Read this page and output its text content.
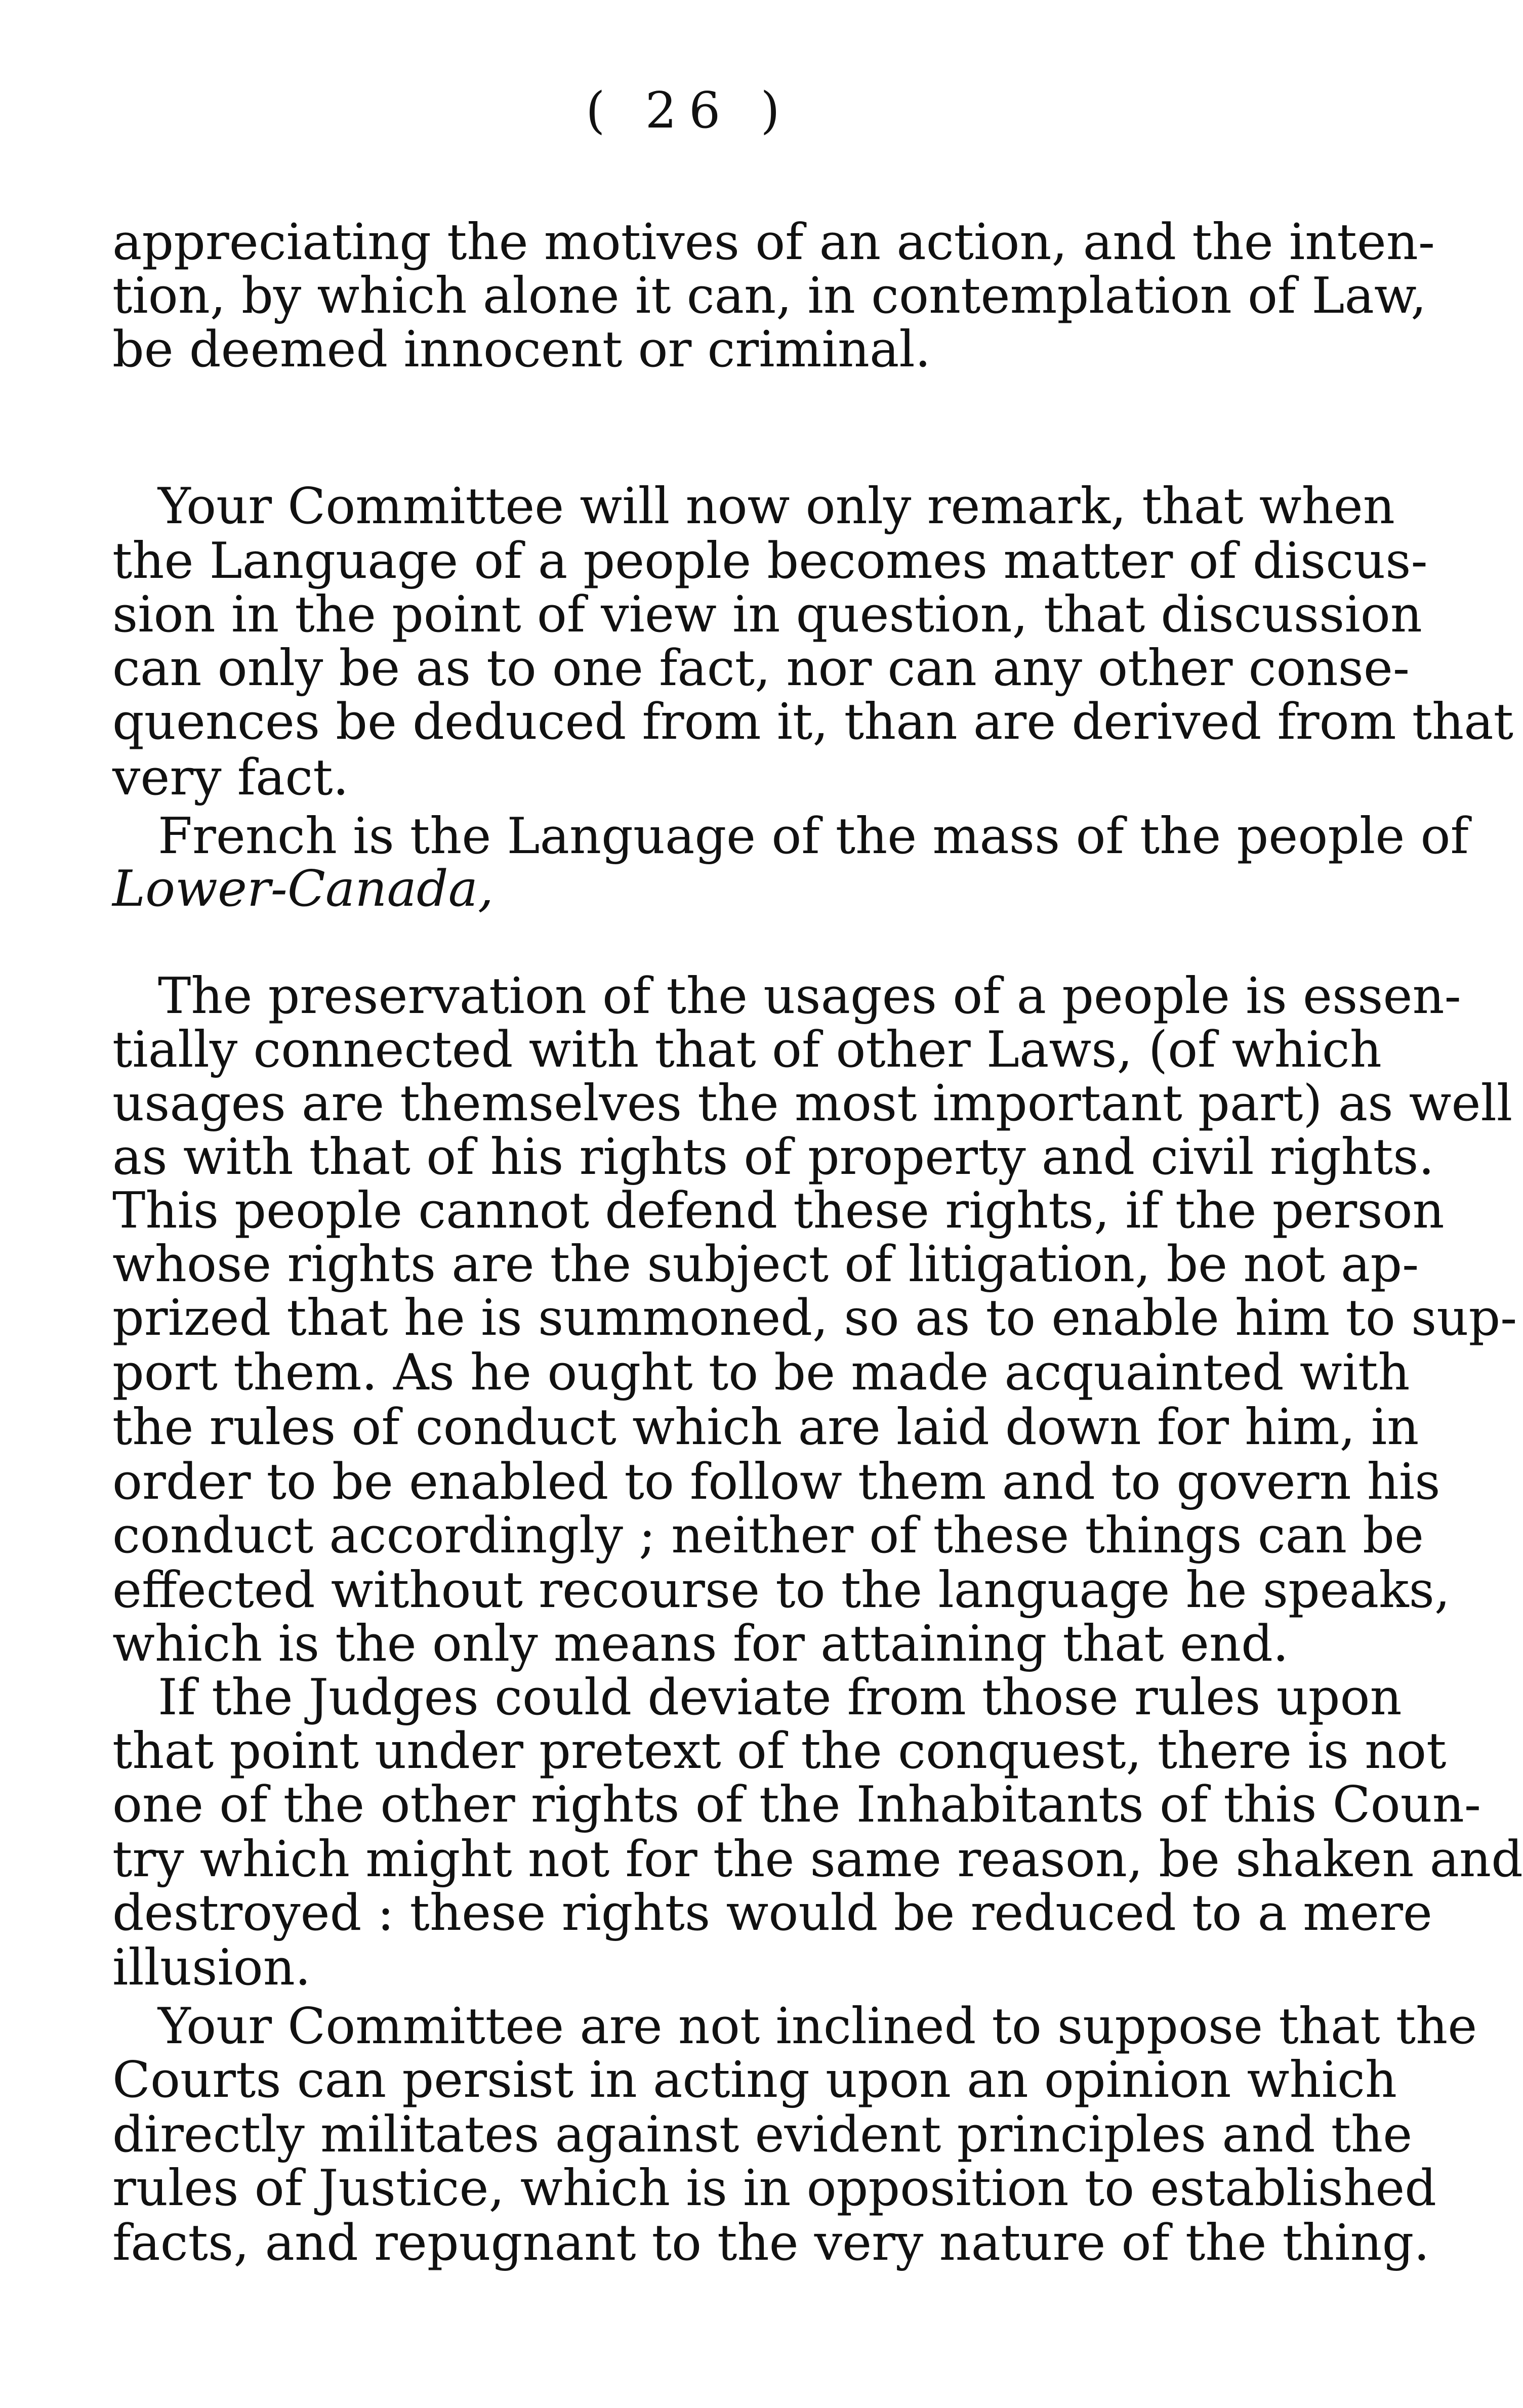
( 26 )
appreciating the motives of an action, and the inten-
tion, by which alone it can, in contemplation of Law,
be deemed innocent or criminal.
Your Committee will now only remark, that when
the Language of a people becomes matter of discus-
sion in the point of view in question, that discussion
can only be as to one fact, nor can any other conse-
quences be deduced from it, than are derived from that
very fact.
French is the Language of the mass of the people of
Lower-Canada,
The preservation of the usages of a people is essen-
tially connected with that of other Laws, (of which
usages are themselves the most important part) as well
as with that of his rights of property and civil rights.
This people cannot defend these rights, if the person
whose rights are the subject of litigation, be not ap-
prized that he is summoned, so as to enable him to sup-
port them. As he ought to be made acquainted with
the rules of conduct which are laid down for him, in
order to be enabled to follow them and to govern his
conduct accordingly ; neither of these things can be
effected without recourse to the language he speaks,
which is the only means for attaining that end.
If the Judges could deviate from those rules upon
that point under pretext of the conquest, there is not
one of the other rights of the Inhabitants of this Coun-
try which might not for the same reason, be shaken and
destroyed : these rights would be reduced to a mere
illusion.
Your Committee are not inclined to suppose that the
Courts can persist in acting upon an opinion which
directly militates against evident principles and the
rules of Justice, which is in opposition to established
facts, and repugnant to the very nature of the thing.
